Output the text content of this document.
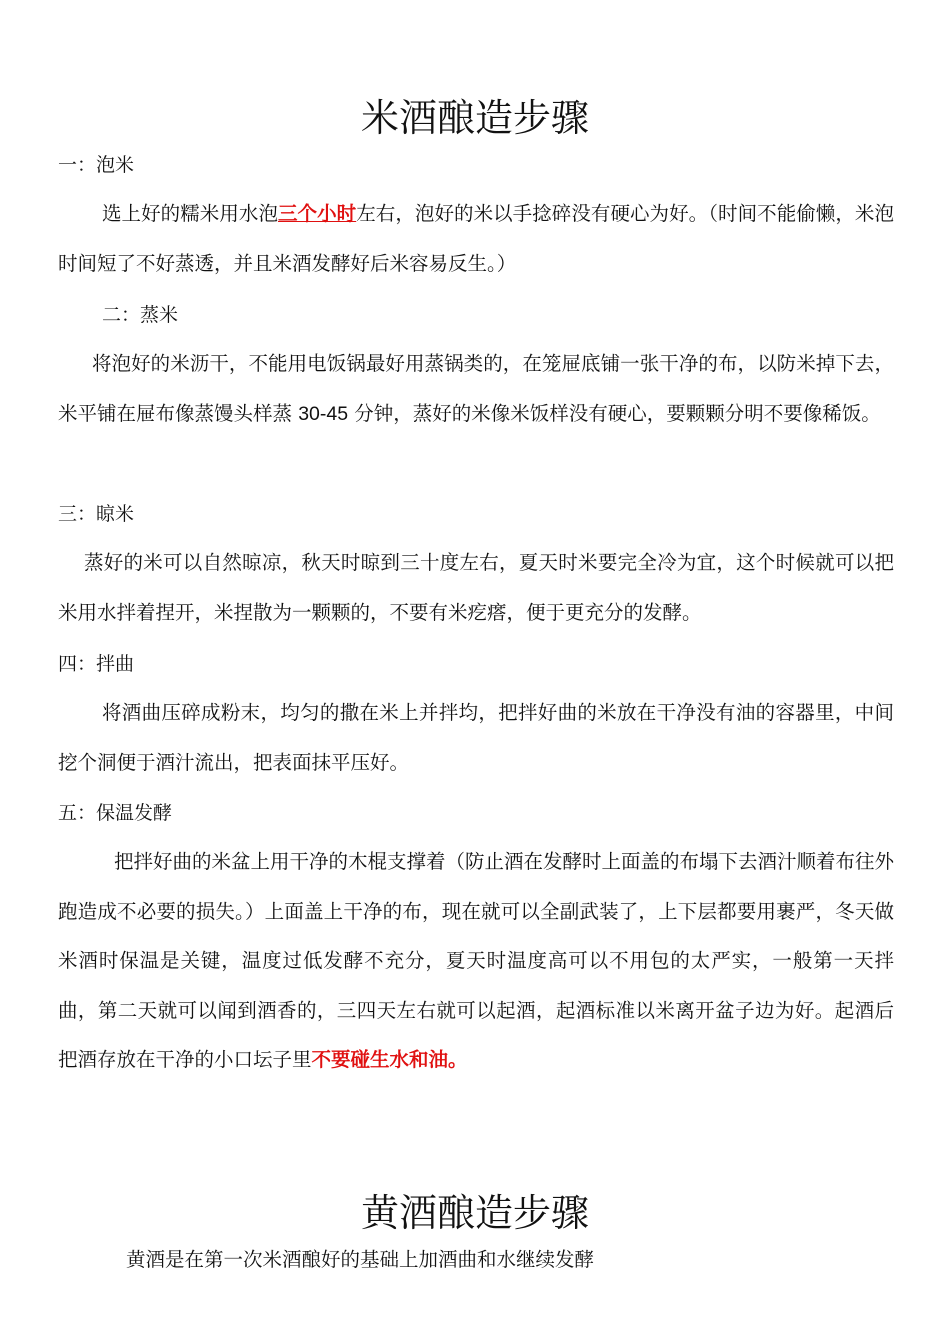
米酒酿造步骤
一：泡米

选上好的糯米用水泡三个小时左右，泡好的米以手捻碎没有硬心为好。（时间不能偷懒，米泡时间短了不好蒸透，并且米酒发酵好后米容易反生。）

二：蒸米

将泡好的米沥干，不能用电饭锅最好用蒸锅类的，在笼屉底铺一张干净的布，以防米掉下去，米平铺在屉布像蒸馒头样蒸 30-45 分钟，蒸好的米像米饭样没有硬心，要颗颗分明不要像稀饭。

三：晾米

蒸好的米可以自然晾凉，秋天时晾到三十度左右，夏天时米要完全冷为宜，这个时候就可以把米用水拌着捏开，米捏散为一颗颗的，不要有米疙瘩，便于更充分的发酵。

四：拌曲

将酒曲压碎成粉末，均匀的撒在米上并拌均，把拌好曲的米放在干净没有油的容器里，中间挖个洞便于酒汁流出，把表面抹平压好。

五：保温发酵

把拌好曲的米盆上用干净的木棍支撑着（防止酒在发酵时上面盖的布塌下去酒汁顺着布往外跑造成不必要的损失。）上面盖上干净的布，现在就可以全副武装了，上下层都要用裹严，冬天做米酒时保温是关键，温度过低发酵不充分，夏天时温度高可以不用包的太严实，一般第一天拌曲，第二天就可以闻到酒香的，三四天左右就可以起酒，起酒标准以米离开盆子边为好。起酒后把酒存放在干净的小口坛子里不要碰生水和油。

黄酒酿造步骤
黄酒是在第一次米酒酿好的基础上加酒曲和水继续发酵
